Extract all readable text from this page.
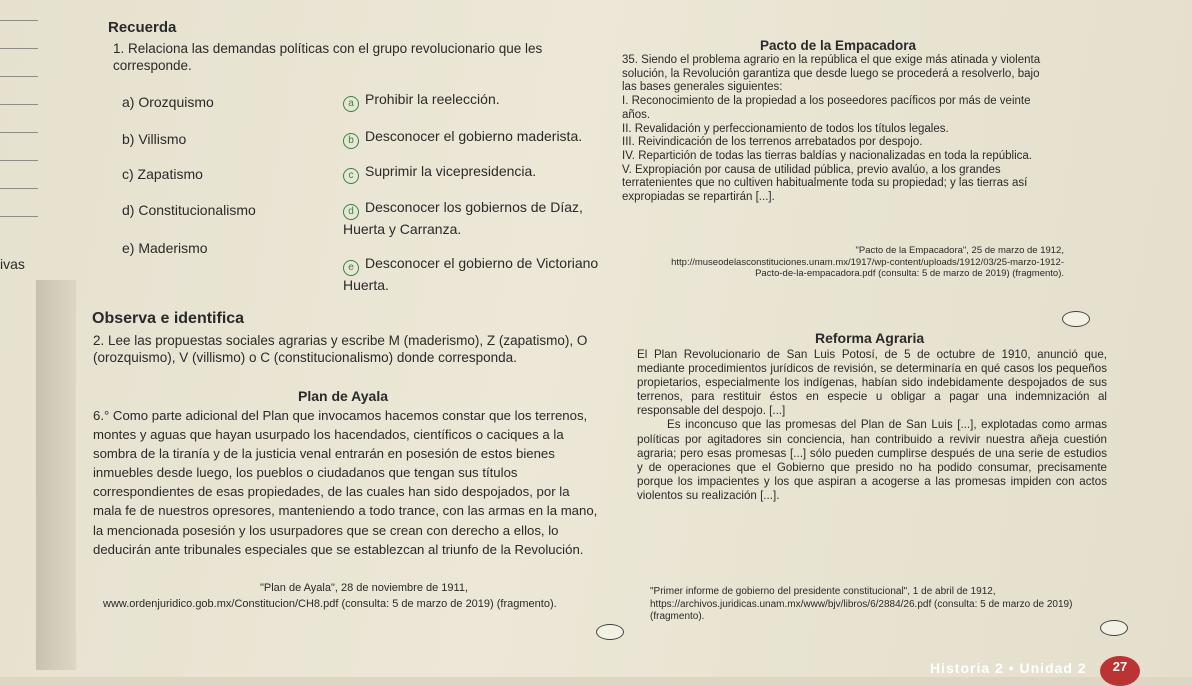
Recuerda
1. Relaciona las demandas políticas con el grupo revolucionario que les corresponde.
a) Orozquismo
b) Villismo
c) Zapatismo
d) Constitucionalismo
e) Maderismo
a Prohibir la reelección.
b Desconocer el gobierno maderista.
c Suprimir la vicepresidencia.
d Desconocer los gobiernos de Díaz, Huerta y Carranza.
e Desconocer el gobierno de Victoriano Huerta.
ivas
Pacto de la Empacadora

35. Siendo el problema agrario en la república el que exige más atinada y violenta solución, la Revolución garantiza que desde luego se procederá a resolverlo, bajo las bases generales siguientes:

I. Reconocimiento de la propiedad a los poseedores pacíficos por más de veinte años.

II. Revalidación y perfeccionamiento de todos los títulos legales.

III. Reivindicación de los terrenos arrebatados por despojo.

IV. Repartición de todas las tierras baldías y nacionalizadas en toda la república.

V. Expropiación por causa de utilidad pública, previo avalúo, a los grandes terratenientes que no cultiven habitualmente toda su propiedad; y las tierras así expropiadas se repartirán [...].

"Pacto de la Empacadora", 25 de marzo de 1912, http://museodelasconstituciones.unam.mx/1917/wp-content/uploads/1912/03/25-marzo-1912-Pacto-de-la-empacadora.pdf (consulta: 5 de marzo de 2019) (fragmento).
Observa e identifica
2. Lee las propuestas sociales agrarias y escribe M (maderismo), Z (zapatismo), O (orozquismo), V (villismo) o C (constitucionalismo) donde corresponda.
Plan de Ayala
6.° Como parte adicional del Plan que invocamos hacemos constar que los terrenos, montes y aguas que hayan usurpado los hacendados, científicos o caciques a la sombra de la tiranía y de la justicia venal entrarán en posesión de estos bienes inmuebles desde luego, los pueblos o ciudadanos que tengan sus títulos correspondientes de esas propiedades, de las cuales han sido despojados, por la mala fe de nuestros opresores, manteniendo a todo trance, con las armas en la mano, la mencionada posesión y los usurpadores que se crean con derecho a ellos, lo deducirán ante tribunales especiales que se establezcan al triunfo de la Revolución.
"Plan de Ayala", 28 de noviembre de 1911,
www.ordenjuridico.gob.mx/Constitucion/CH8.pdf (consulta: 5 de marzo de 2019) (fragmento).
Reforma Agraria

El Plan Revolucionario de San Luis Potosí, de 5 de octubre de 1910, anunció que, mediante procedimientos jurídicos de revisión, se determinaría en qué casos los pequeños propietarios, especialmente los indígenas, habían sido indebidamente despojados de sus terrenos, para restituir éstos en especie u obligar a pagar una indemnización al responsable del despojo. [...]

Es inconcuso que las promesas del Plan de San Luis [...], explotadas como armas políticas por agitadores sin conciencia, han contribuido a revivir nuestra añeja cuestión agraria; pero esas promesas [...] sólo pueden cumplirse después de una serie de estudios y de operaciones que el Gobierno que presido no ha podido consumar, precisamente porque los impacientes y los que aspiran a acogerse a las promesas impiden con actos violentos su realización [...].

"Primer informe de gobierno del presidente constitucional", 1 de abril de 1912, https://archivos.juridicas.unam.mx/www/bjv/libros/6/2884/26.pdf (consulta: 5 de marzo de 2019) (fragmento).
Historia 2 • Unidad 2	27
